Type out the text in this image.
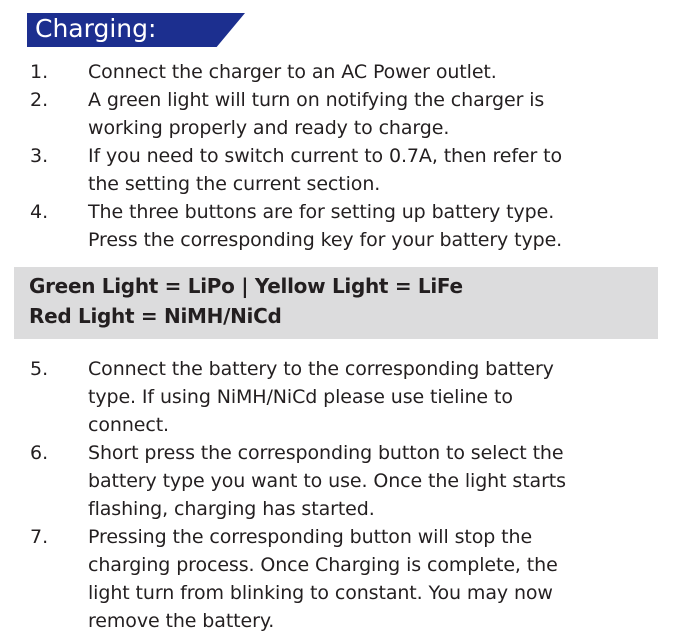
Charging:
1. Connect the charger to an AC Power outlet.
2. A green light will turn on notifying the charger is
working properly and ready to charge.
3. If you need to switch current to 0.7A, then refer to
the setting the current section.
4. The three buttons are for setting up battery type.
Press the corresponding key for your battery type.
Green Light = LiPo | Yellow Light = LiFe
Red Light = NiMH/NiCd
5. Connect the battery to the corresponding battery
type. If using NiMH/NiCd please use tieline to
connect.
6. Short press the corresponding button to select the
battery type you want to use. Once the light starts
flashing, charging has started.
7. Pressing the corresponding button will stop the
charging process. Once Charging is complete, the
light turn from blinking to constant. You may now
remove the battery.
